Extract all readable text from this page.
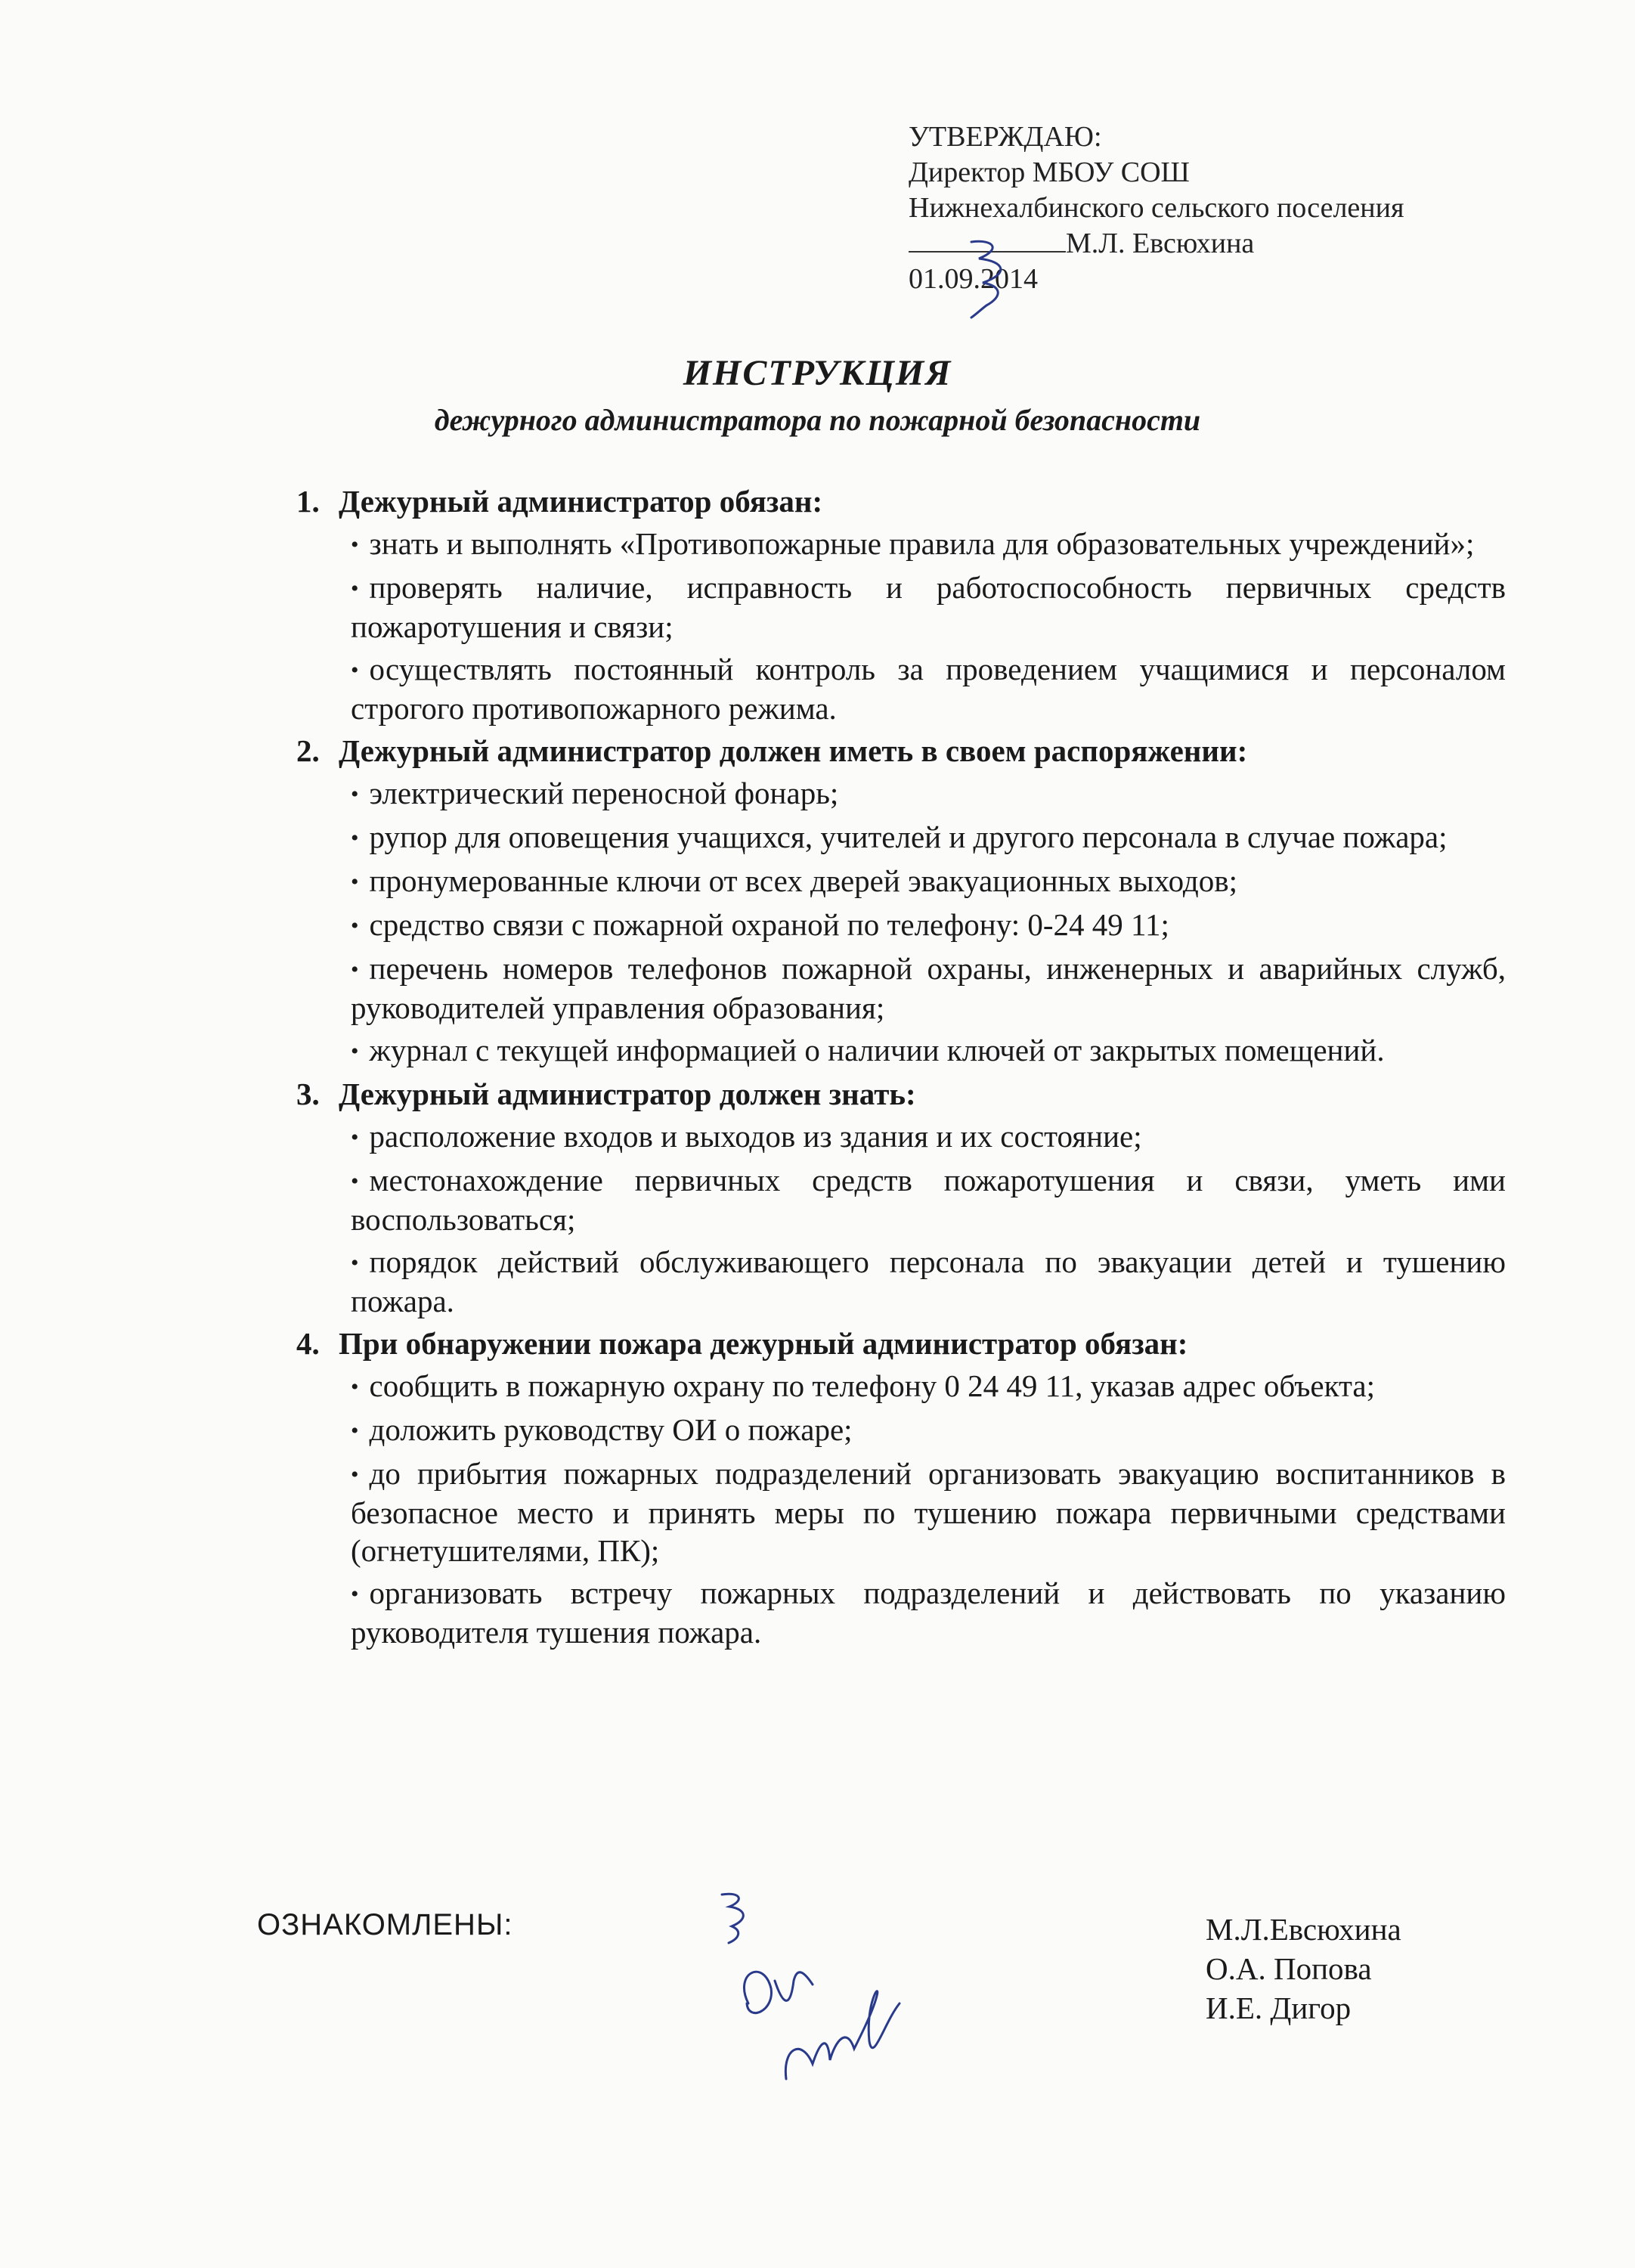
УТВЕРЖДАЮ:
Директор МБОУ СОШ
Нижнехалбинского сельского поселения
М.Л. Евсюхина
01.09.2014
ИНСТРУКЦИЯ
дежурного администратора по пожарной безопасности
1. Дежурный администратор обязан:
• знать и выполнять «Противопожарные правила для образовательных учреждений»;
• проверять наличие, исправность и работоспособность первичных средств пожаротушения и связи;
• осуществлять постоянный контроль за проведением учащимися и персоналом строгого противопожарного режима.
2. Дежурный администратор должен иметь в своем распоряжении:
• электрический переносной фонарь;
• рупор для оповещения учащихся, учителей и другого персонала в случае пожара;
• пронумерованные ключи от всех дверей эвакуационных выходов;
• средство связи с пожарной охраной по телефону: 0-24 49 11;
• перечень номеров телефонов пожарной охраны, инженерных и аварийных служб, руководителей управления образования;
• журнал с текущей информацией о наличии ключей от закрытых помещений.
3. Дежурный администратор должен знать:
• расположение входов и выходов из здания и их состояние;
• местонахождение первичных средств пожаротушения и связи, уметь ими воспользоваться;
• порядок действий обслуживающего персонала по эвакуации детей и тушению пожара.
4. При обнаружении пожара дежурный администратор обязан:
• сообщить в пожарную охрану по телефону 0 24 49 11, указав адрес объекта;
• доложить руководству ОИ о пожаре;
• до прибытия пожарных подразделений организовать эвакуацию воспитанников в безопасное место и принять меры по тушению пожара первичными средствами (огнетушителями, ПК);
• организовать встречу пожарных подразделений и действовать по указанию руководителя тушения пожара.
ОЗНАКОМЛЕНЫ:	М.Л.Евсюхина
О.А. Попова
И.Е. Дигор
